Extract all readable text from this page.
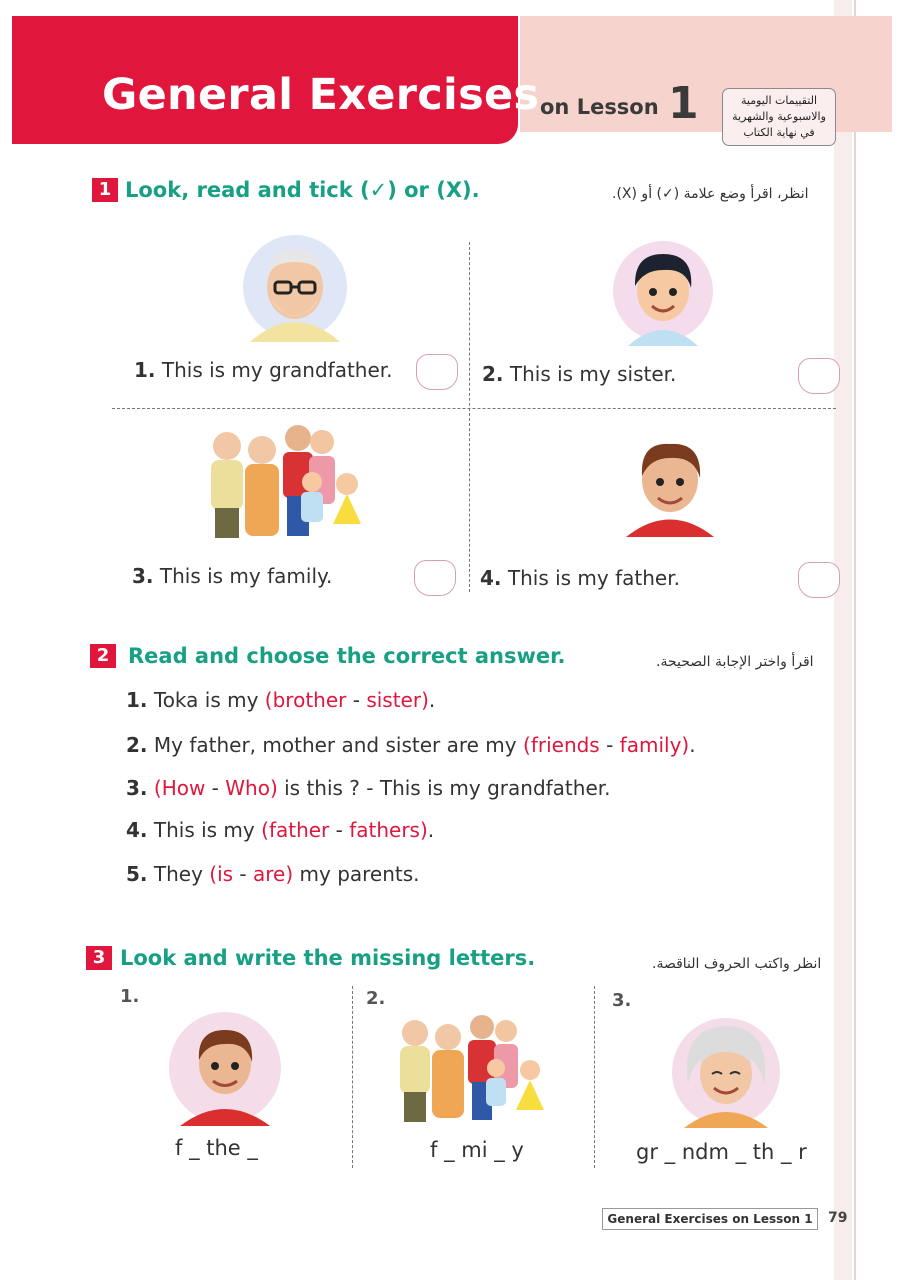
General Exercises on Lesson 1	التقييمات اليومية
والاسبوعية والشهرية
في نهاية الكتاب
1 Look, read and tick (✓) or (X).	انظر، اقرأ وضع علامة (✓) أو (X).
1. This is my grandfather.	2. This is my sister.
3. This is my family.	4. This is my father.
2 Read and choose the correct answer.	اقرأ واختر الإجابة الصحيحة.
1. Toka is my (brother - sister).
2. My father, mother and sister are my (friends - family).
3. (How - Who) is this ? - This is my grandfather.
4. This is my (father - fathers).
5. They (is - are) my parents.
3 Look and write the missing letters.	انظر واكتب الحروف الناقصة.
1.	2.	3.
f _ the _	f _ mi _ y	gr _ ndm _ th _ r
General Exercises on Lesson 1	79
